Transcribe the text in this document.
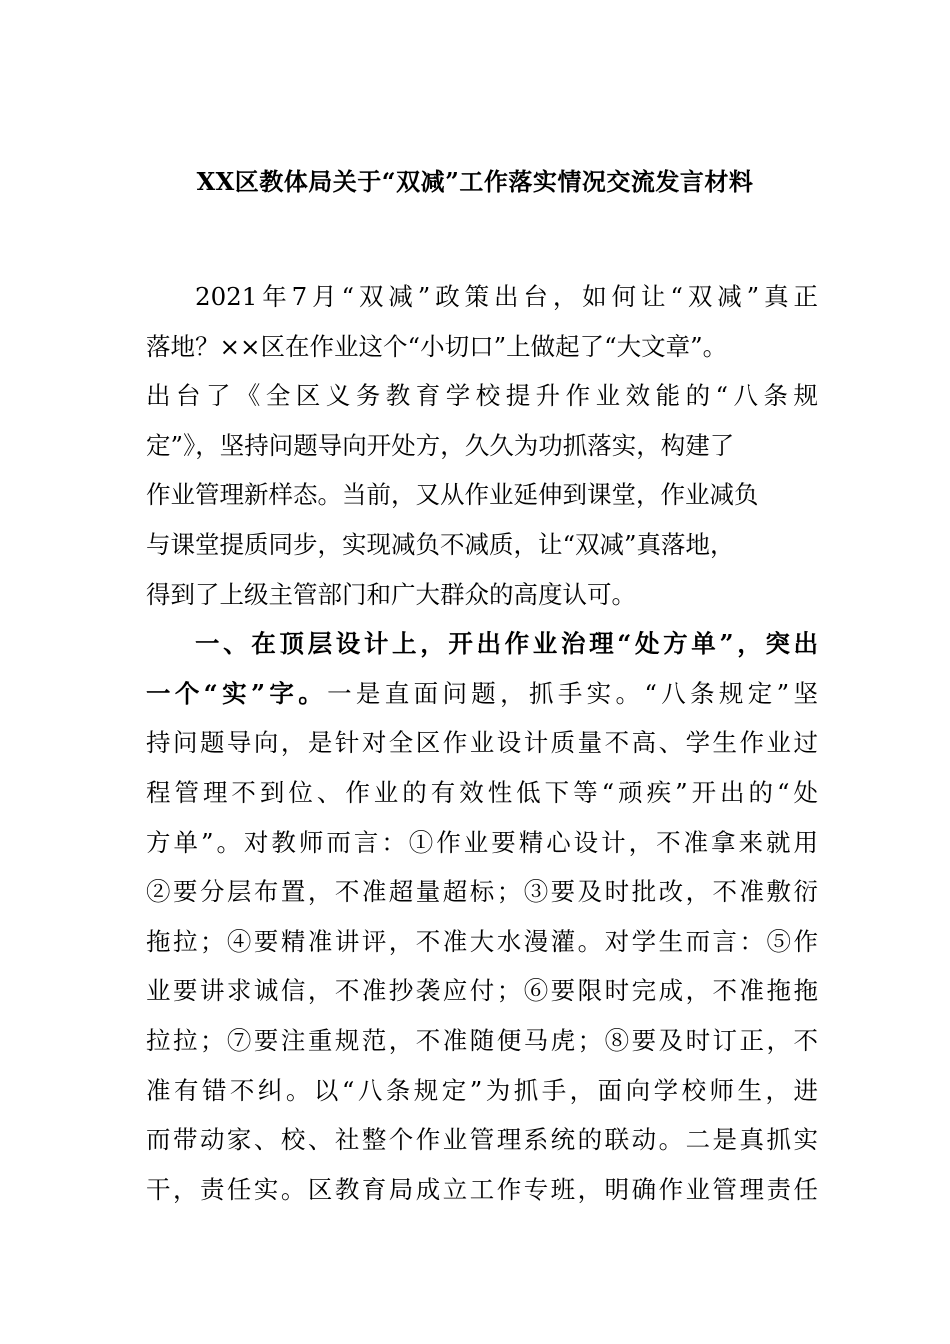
XX区教体局关于“双减”工作落实情况交流发言材料
2021年7月“双减”政策出台，如何让“双减”真正
落地？××区在作业这个“小切口”上做起了“大文章”。
出台了《全区义务教育学校提升作业效能的“八条规
定”》，坚持问题导向开处方，久久为功抓落实，构建了
作业管理新样态。当前，又从作业延伸到课堂，作业减负
与课堂提质同步，实现减负不减质，让“双减”真落地，
得到了上级主管部门和广大群众的高度认可。
一、在顶层设计上，开出作业治理“处方单”，突出
一个“实”字。一是直面问题，抓手实。“八条规定”坚
持问题导向，是针对全区作业设计质量不高、学生作业过
程管理不到位、作业的有效性低下等“顽疾”开出的“处
方单”。对教师而言：①作业要精心设计，不准拿来就用
②要分层布置，不准超量超标；③要及时批改，不准敷衍
拖拉；④要精准讲评，不准大水漫灌。对学生而言：⑤作
业要讲求诚信，不准抄袭应付；⑥要限时完成，不准拖拖
拉拉；⑦要注重规范，不准随便马虎；⑧要及时订正，不
准有错不纠。以“八条规定”为抓手，面向学校师生，进
而带动家、校、社整个作业管理系统的联动。二是真抓实
干，责任实。区教育局成立工作专班，明确作业管理责任
